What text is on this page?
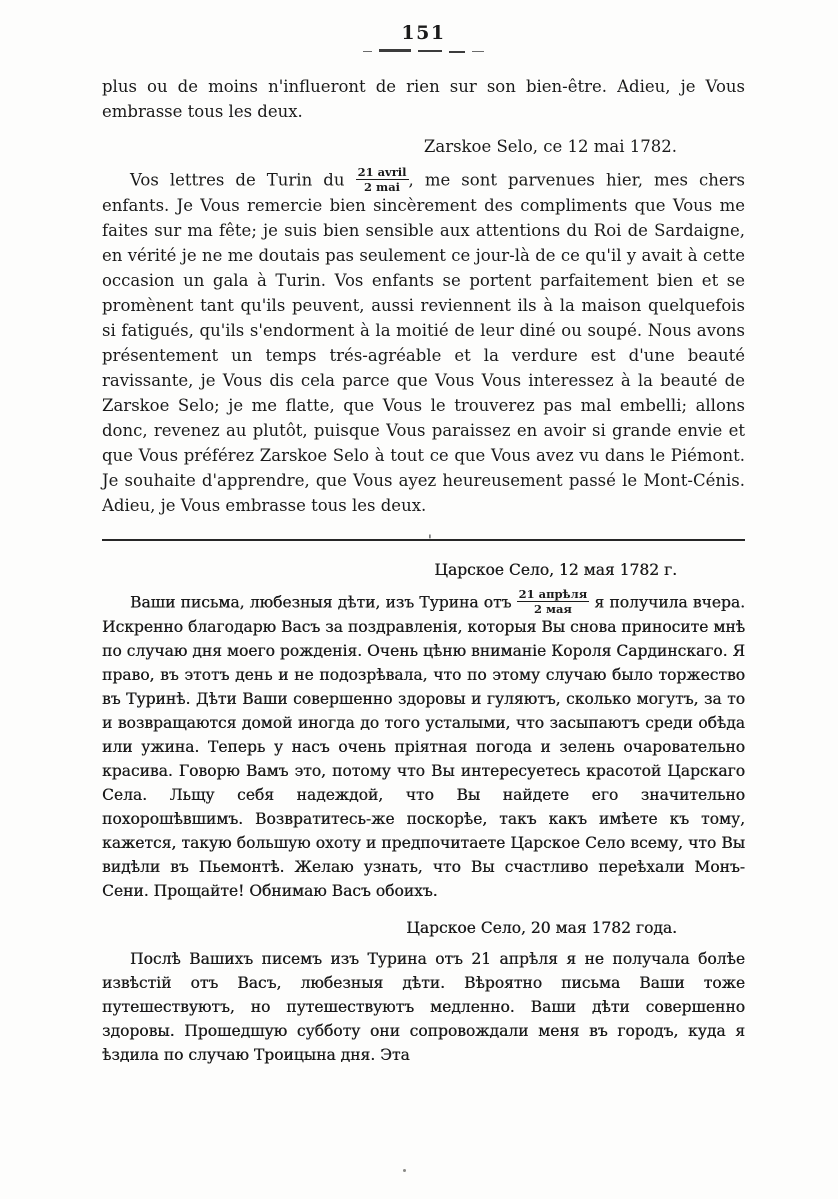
151

plus ou de moins n'influeront de rien sur son bien-être. Adieu, je Vous embrasse tous les deux.

Zarskoe Selo, ce 12 mai 1782.

Vos lettres de Turin du $\frac{\text{21 avril}}{\text{2 mai}}$ , me sont parvenues hier, mes chers enfants. Je Vous remercie bien sincèrement des compliments que Vous me faites sur ma fête; je suis bien sensible aux attentions du Roi de Sardaigne, en vérité je ne me doutais pas seulement ce jour-là de ce qu'il y avait à cette occasion un gala à Turin. Vos enfants se portent parfaitement bien et se promènent tant qu'ils peuvent, aussi reviennent ils à la maison quelquefois si fatigués, qu'ils s'endorment à la moitié de leur diné ou soupé. Nous avons présentement un temps trés-agréable et la verdure est d'une beauté ravissante, je Vous dis cela parce que Vous Vous interessez à la beauté de Zarskoe Selo; je me flatte, que Vous le trouverez pas mal embelli; allons donc, revenez au plutôt, puisque Vous paraissez en avoir si grande envie et que Vous préférez Zarskoe Selo à tout ce que Vous avez vu dans le Piémont. Je souhaite d'apprendre, que Vous ayez heureusement passé le Mont-Cénis. Adieu, je Vous embrasse tous les deux.

Царское Село, 12 мая 1782 г.

Ваши письма, любезныя дѣти, изъ Турина отъ $\frac{\text{21 апрѣля}}{\text{2 мая}}$ я получила вчера. Искренно благодарю Васъ за поздравленія, которыя Вы снова приносите мнѣ по случаю дня моего рожденія. Очень цѣню вниманіе Короля Сардинскаго. Я право, въ этотъ день и не подозрѣвала, что по этому случаю было торжество въ Туринѣ. Дѣти Ваши совершенно здоровы и гуляютъ, сколько могутъ, за то и возвращаются домой иногда до того усталыми, что засыпаютъ среди обѣда или ужина. Теперь у насъ очень пріятная погода и зелень очаровательно красива. Говорю Вамъ это, потому что Вы интересуетесь красотой Царскаго Села. Льщу себя надеждой, что Вы найдете его значительно похорошѣвшимъ. Возвратитесь-же поскорѣе, такъ какъ имѣете къ тому, кажется, такую большую охоту и предпочитаете Царское Село всему, что Вы видѣли въ Пьемонтѣ. Желаю узнать, что Вы счастливо переѣхали Монъ-Сени. Прощайте! Обнимаю Васъ обоихъ.

Царское Село, 20 мая 1782 года.

Послѣ Вашихъ писемъ изъ Турина отъ 21 апрѣля я не получала болѣе извѣстій отъ Васъ, любезныя дѣти. Вѣроятно письма Ваши тоже путешествуютъ, но путешествуютъ медленно. Ваши дѣти совершенно здоровы. Прошедшую субботу они сопровождали меня въ городъ, куда я ѣздила по случаю Троицына дня. Эта

'
